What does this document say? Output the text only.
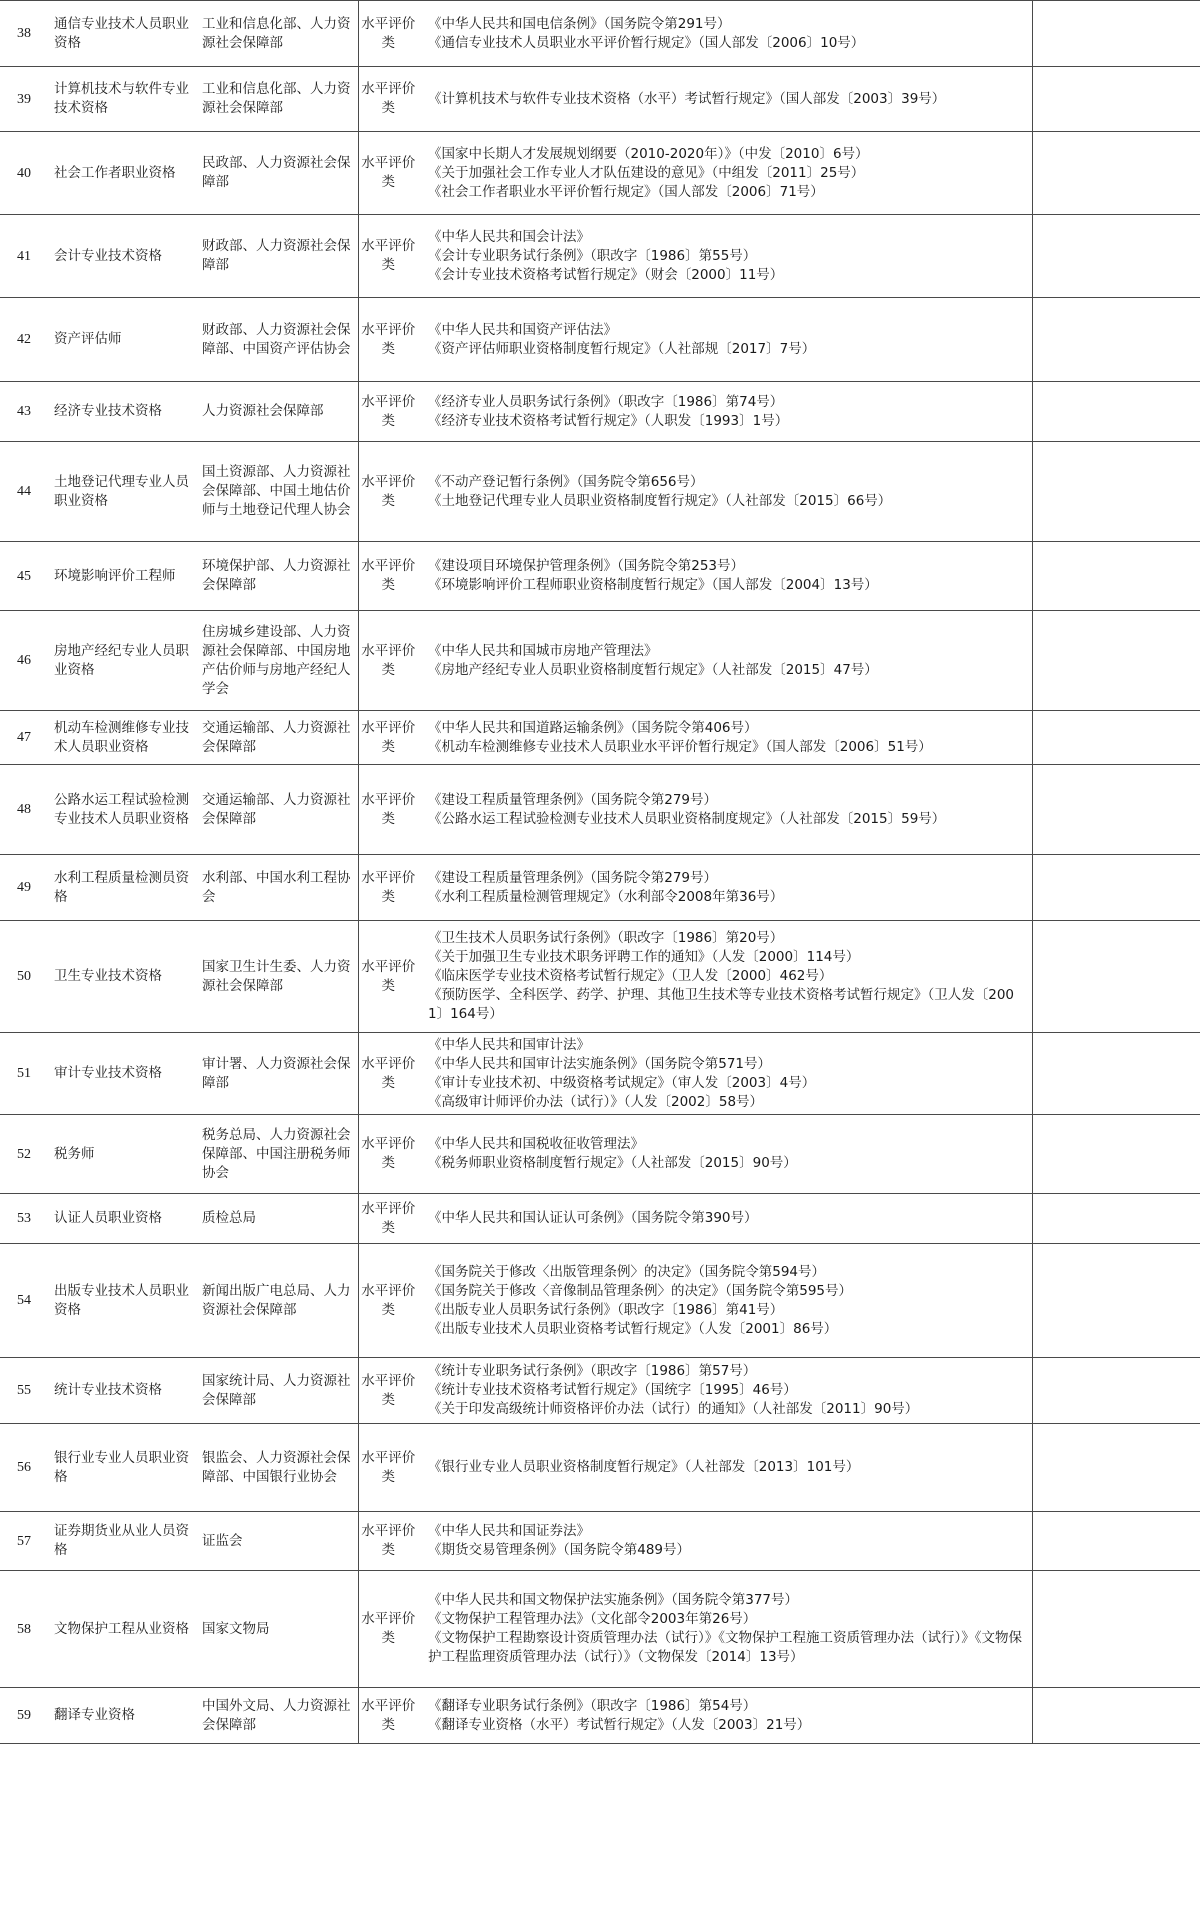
38	通信专业技术人员职业资格	工业和信息化部、人力资源社会保障部	水平评价类	《中华人民共和国电信条例》（国务院令第291号）
《通信专业技术人员职业水平评价暂行规定》（国人部发〔2006〕10号）	

39	计算机技术与软件专业技术资格	工业和信息化部、人力资源社会保障部	水平评价类	《计算机技术与软件专业技术资格（水平）考试暂行规定》（国人部发〔2003〕39号）	

40	社会工作者职业资格	民政部、人力资源社会保障部	水平评价类	《国家中长期人才发展规划纲要（2010-2020年）》（中发〔2010〕6号）
《关于加强社会工作专业人才队伍建设的意见》（中组发〔2011〕25号）
《社会工作者职业水平评价暂行规定》（国人部发〔2006〕71号）	

41	会计专业技术资格	财政部、人力资源社会保障部	水平评价类	《中华人民共和国会计法》
《会计专业职务试行条例》（职改字〔1986〕第55号）
《会计专业技术资格考试暂行规定》（财会〔2000〕11号）	

42	资产评估师	财政部、人力资源社会保障部、中国资产评估协会	水平评价类	《中华人民共和国资产评估法》
《资产评估师职业资格制度暂行规定》（人社部规〔2017〕7号）	

43	经济专业技术资格	人力资源社会保障部	水平评价类	《经济专业人员职务试行条例》（职改字〔1986〕第74号）
《经济专业技术资格考试暂行规定》（人职发〔1993〕1号）	

44	土地登记代理专业人员职业资格	国土资源部、人力资源社会保障部、中国土地估价师与土地登记代理人协会	水平评价类	《不动产登记暂行条例》（国务院令第656号）
《土地登记代理专业人员职业资格制度暂行规定》（人社部发〔2015〕66号）	

45	环境影响评价工程师	环境保护部、人力资源社会保障部	水平评价类	《建设项目环境保护管理条例》（国务院令第253号）
《环境影响评价工程师职业资格制度暂行规定》（国人部发〔2004〕13号）	

46	房地产经纪专业人员职业资格	住房城乡建设部、人力资源社会保障部、中国房地产估价师与房地产经纪人学会	水平评价类	《中华人民共和国城市房地产管理法》
《房地产经纪专业人员职业资格制度暂行规定》（人社部发〔2015〕47号）	

47	机动车检测维修专业技术人员职业资格	交通运输部、人力资源社会保障部	水平评价类	《中华人民共和国道路运输条例》（国务院令第406号）
《机动车检测维修专业技术人员职业水平评价暂行规定》（国人部发〔2006〕51号）	

48	公路水运工程试验检测专业技术人员职业资格	交通运输部、人力资源社会保障部	水平评价类	《建设工程质量管理条例》（国务院令第279号）
《公路水运工程试验检测专业技术人员职业资格制度规定》（人社部发〔2015〕59号）	

49	水利工程质量检测员资格	水利部、中国水利工程协会	水平评价类	《建设工程质量管理条例》（国务院令第279号）
《水利工程质量检测管理规定》（水利部令2008年第36号）	

50	卫生专业技术资格	国家卫生计生委、人力资源社会保障部	水平评价类	《卫生技术人员职务试行条例》（职改字〔1986〕第20号）
《关于加强卫生专业技术职务评聘工作的通知》（人发〔2000〕114号）
《临床医学专业技术资格考试暂行规定》（卫人发〔2000〕462号）
《预防医学、全科医学、药学、护理、其他卫生技术等专业技术资格考试暂行规定》（卫人发〔2001〕164号）	

51	审计专业技术资格	审计署、人力资源社会保障部	水平评价类	《中华人民共和国审计法》
《中华人民共和国审计法实施条例》（国务院令第571号）
《审计专业技术初、中级资格考试规定》（审人发〔2003〕4号）
《高级审计师评价办法（试行）》（人发〔2002〕58号）	

52	税务师	税务总局、人力资源社会保障部、中国注册税务师协会	水平评价类	《中华人民共和国税收征收管理法》
《税务师职业资格制度暂行规定》（人社部发〔2015〕90号）	

53	认证人员职业资格	质检总局	水平评价类	《中华人民共和国认证认可条例》（国务院令第390号）	

54	出版专业技术人员职业资格	新闻出版广电总局、人力资源社会保障部	水平评价类	《国务院关于修改〈出版管理条例〉的决定》（国务院令第594号）
《国务院关于修改〈音像制品管理条例〉的决定》（国务院令第595号）
《出版专业人员职务试行条例》（职改字〔1986〕第41号）
《出版专业技术人员职业资格考试暂行规定》（人发〔2001〕86号）	

55	统计专业技术资格	国家统计局、人力资源社会保障部	水平评价类	《统计专业职务试行条例》（职改字〔1986〕第57号）
《统计专业技术资格考试暂行规定》（国统字〔1995〕46号）
《关于印发高级统计师资格评价办法（试行）的通知》（人社部发〔2011〕90号）	

56	银行业专业人员职业资格	银监会、人力资源社会保障部、中国银行业协会	水平评价类	《银行业专业人员职业资格制度暂行规定》（人社部发〔2013〕101号）	

57	证券期货业从业人员资格	证监会	水平评价类	《中华人民共和国证券法》
《期货交易管理条例》（国务院令第489号）	

58	文物保护工程从业资格	国家文物局	水平评价类	《中华人民共和国文物保护法实施条例》（国务院令第377号）
《文物保护工程管理办法》（文化部令2003年第26号）
《文物保护工程勘察设计资质管理办法（试行）》《文物保护工程施工资质管理办法（试行）》《文物保护工程监理资质管理办法（试行）》（文物保发〔2014〕13号）	

59	翻译专业资格	中国外文局、人力资源社会保障部	水平评价类	《翻译专业职务试行条例》（职改字〔1986〕第54号）
《翻译专业资格（水平）考试暂行规定》（人发〔2003〕21号）	
